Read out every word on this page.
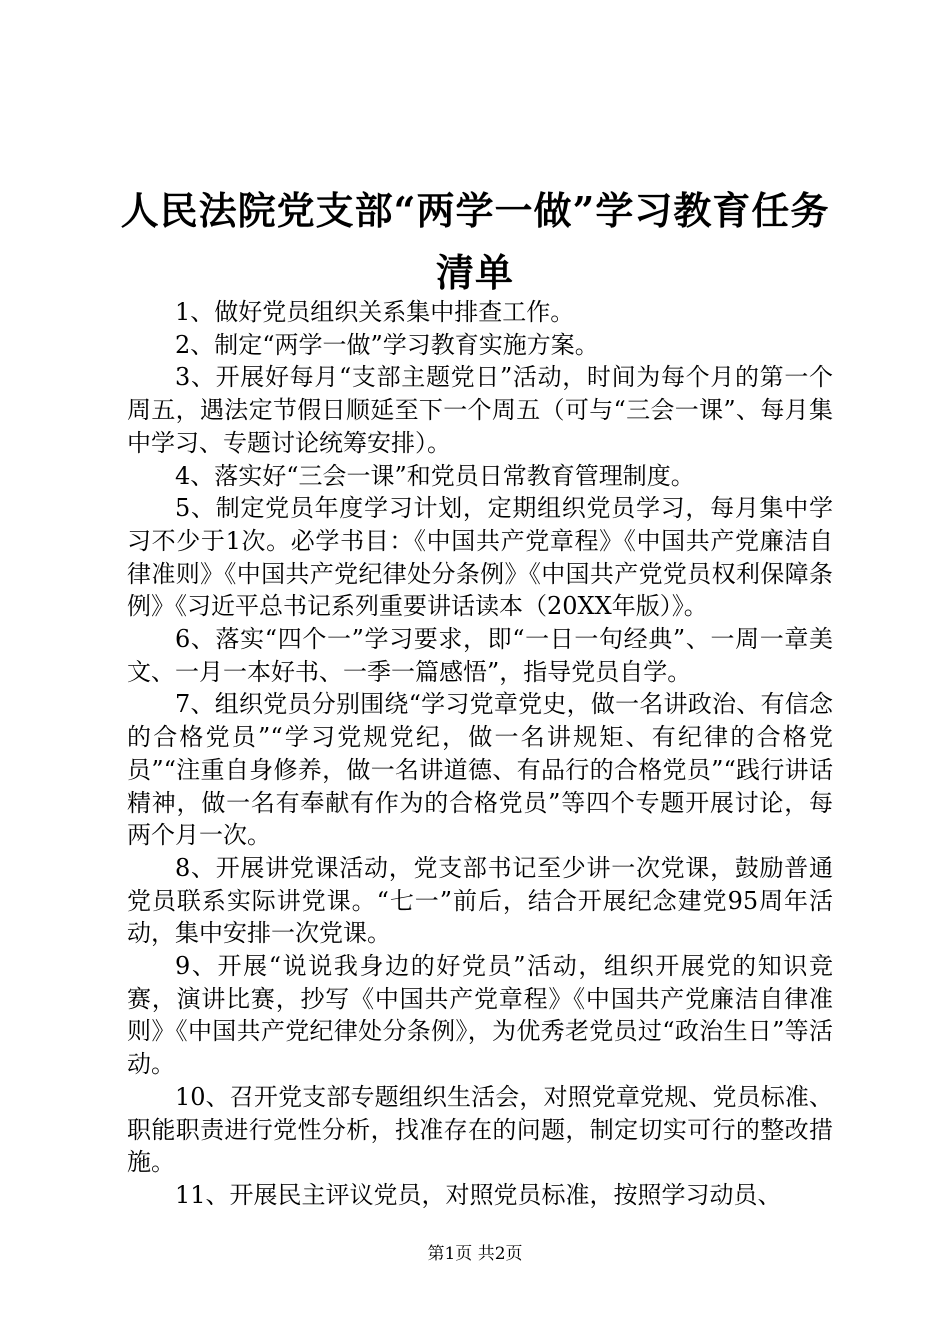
人民法院党支部“两学一做”学习教育任务清单

1、做好党员组织关系集中排查工作。

2、制定“两学一做”学习教育实施方案。

3、开展好每月“支部主题党日”活动，时间为每个月的第一个周五，遇法定节假日顺延至下一个周五（可与“三会一课”、每月集中学习、专题讨论统筹安排）。

4、落实好“三会一课”和党员日常教育管理制度。

5、制定党员年度学习计划，定期组织党员学习，每月集中学习不少于1次。必学书目：《中国共产党章程》《中国共产党廉洁自律准则》《中国共产党纪律处分条例》《中国共产党党员权利保障条例》《习近平总书记系列重要讲话读本（20XX年版）》。

6、落实“四个一”学习要求，即“一日一句经典”、一周一章美文、一月一本好书、一季一篇感悟”，指导党员自学。

7、组织党员分别围绕“学习党章党史，做一名讲政治、有信念的合格党员”“学习党规党纪，做一名讲规矩、有纪律的合格党员”“注重自身修养，做一名讲道德、有品行的合格党员”“践行讲话精神，做一名有奉献有作为的合格党员”等四个专题开展讨论，每两个月一次。

8、开展讲党课活动，党支部书记至少讲一次党课，鼓励普通党员联系实际讲党课。“七一”前后，结合开展纪念建党95周年活动，集中安排一次党课。

9、开展“说说我身边的好党员”活动，组织开展党的知识竞赛，演讲比赛，抄写《中国共产党章程》《中国共产党廉洁自律准则》《中国共产党纪律处分条例》，为优秀老党员过“政治生日”等活动。

10、召开党支部专题组织生活会，对照党章党规、党员标准、职能职责进行党性分析，找准存在的问题，制定切实可行的整改措施。

11、开展民主评议党员，对照党员标准，按照学习动员、

第1页 共2页
